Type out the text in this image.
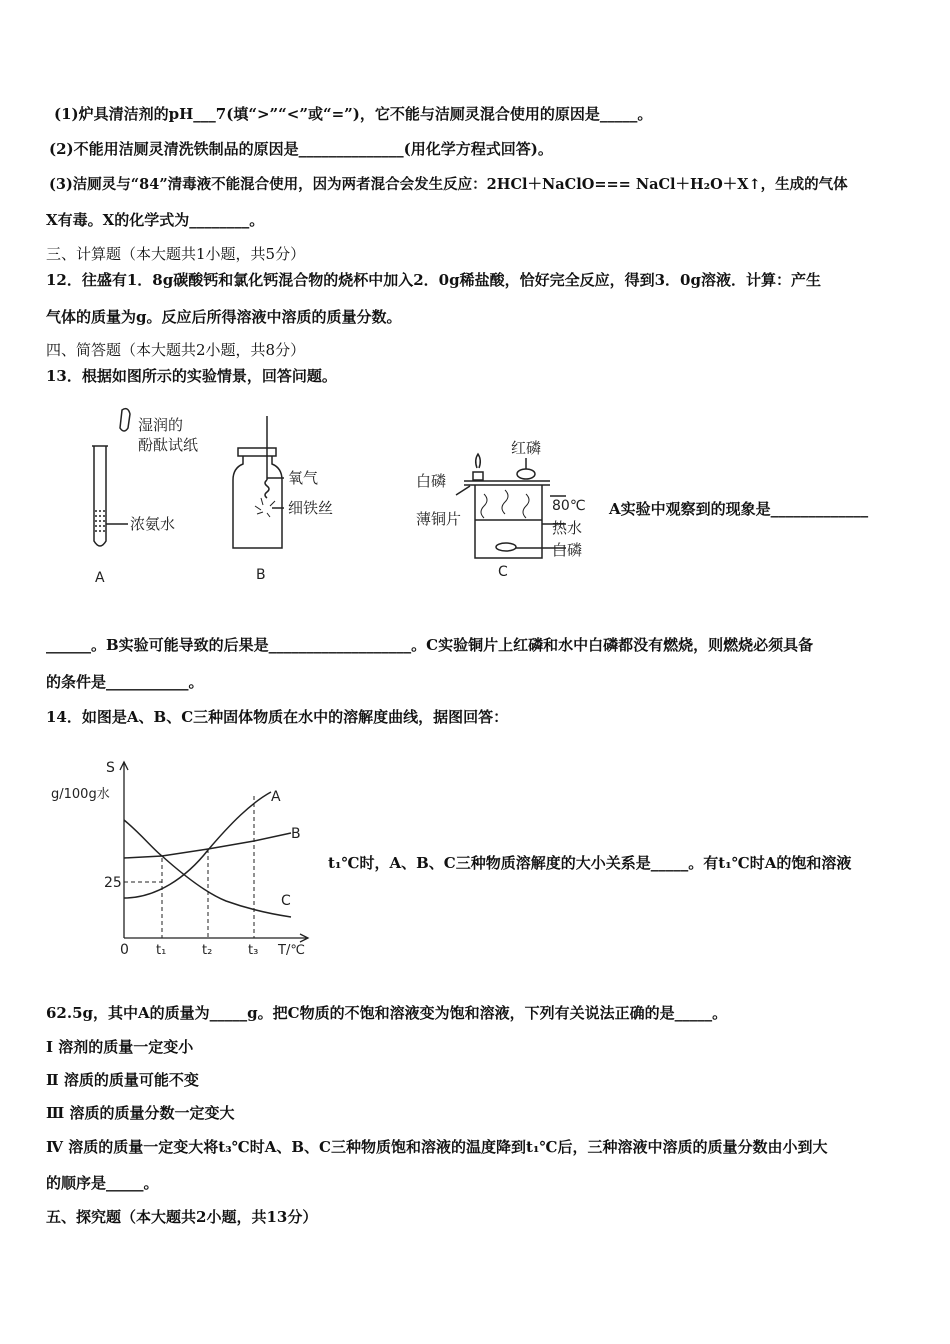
(1)炉具清洁剂的pH___7(填“>”“<”或“=”)，它不能与洁厕灵混合使用的原因是_____。
(2)不能用洁厕灵清洗铁制品的原因是______________(用化学方程式回答)。
(3)洁厕灵与“84”清毒液不能混合使用，因为两者混合会发生反应：2HCl＋NaClO=== NaCl＋H₂O＋X↑，生成的气体
X有毒。X的化学式为________。
三、计算题（本大题共1小题，共5分）
12．往盛有1．8g碳酸钙和氯化钙混合物的烧杯中加入2．0g稀盐酸，恰好完全反应，得到3．0g溶液．计算：产生
气体的质量为g。反应后所得溶液中溶质的质量分数。
四、简答题（本大题共2小题，共8分）
13．根据如图所示的实验情景，回答问题。
A实验中观察到的现象是_____________
______。B实验可能导致的后果是___________________。C实验铜片上红磷和水中白磷都没有燃烧，则燃烧必须具备
的条件是___________。
14．如图是A、B、C三种固体物质在水中的溶解度曲线，据图回答：
t₁℃时，A、B、C三种物质溶解度的大小关系是_____。有t₁℃时A的饱和溶液
62.5g，其中A的质量为_____g。把C物质的不饱和溶液变为饱和溶液，下列有关说法正确的是_____。
Ⅰ 溶剂的质量一定变小
Ⅱ 溶质的质量可能不变
Ⅲ 溶质的质量分数一定变大
Ⅳ 溶质的质量一定变大将t₃℃时A、B、C三种物质饱和溶液的温度降到t₁℃后，三种溶液中溶质的质量分数由小到大
的顺序是_____。
五、探究题（本大题共2小题，共13分）
湿润的
酚酞试纸
浓氨水
A
氧气
细铁丝
B
红磷
白磷
薄铜片
80℃
热水
白磷
C
S
g/100g水
25
0 t₁	t₂	t₃ T/℃
A
B
C
